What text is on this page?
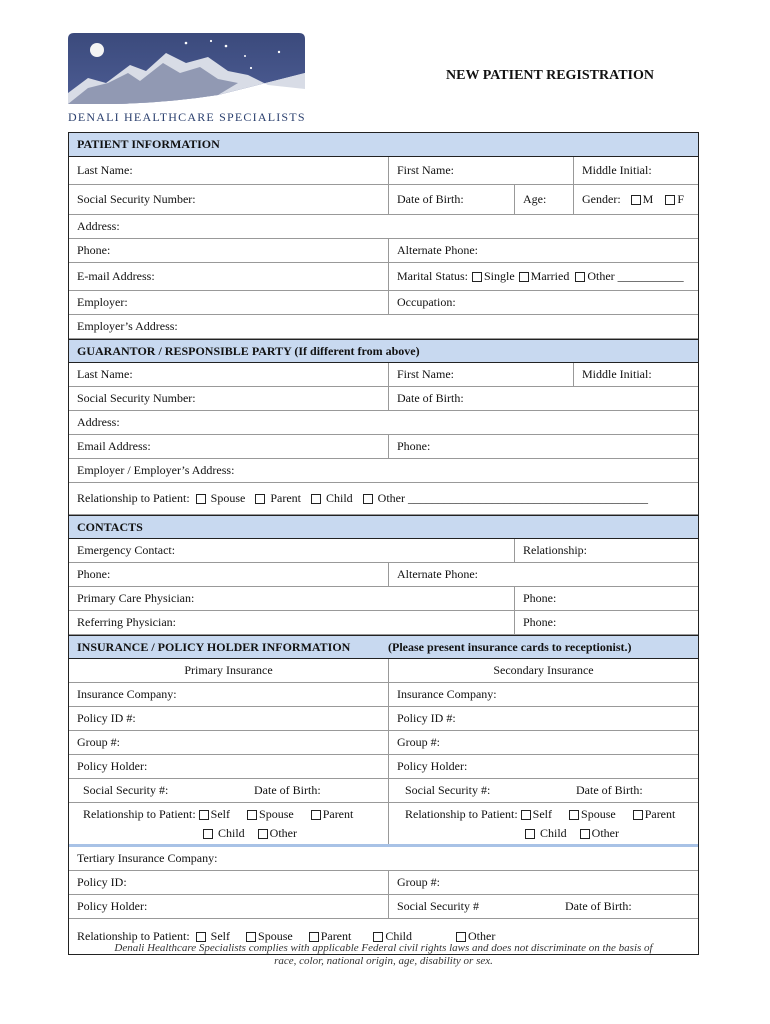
DENALI HEALTHCARE SPECIALISTS
NEW PATIENT REGISTRATION
PATIENT INFORMATION
Last Name:	First Name:	Middle Initial:
Social Security Number:	Date of Birth:	Age:	Gender:	M	F
Address:
Phone:	Alternate Phone:
E-mail Address:	Marital Status:	Single	Married	Other ___________
Employer:	Occupation:
Employer’s Address:
GUARANTOR / RESPONSIBLE PARTY (If different from above)
Last Name:	First Name:	Middle Initial:
Social Security Number:	Date of Birth:
Address:
Email Address:	Phone:
Employer / Employer’s Address:
Relationship to Patient:	Spouse	Parent	Child	Other ________________________________________
CONTACTS
Emergency Contact:	Relationship:
Phone:	Alternate Phone:
Primary Care Physician:	Phone:
Referring Physician:	Phone:
INSURANCE / POLICY HOLDER INFORMATION	(Please present insurance cards to receptionist.)
Primary Insurance	Secondary Insurance
Insurance Company:	Insurance Company:
Policy ID #:	Policy ID #:
Group #:	Group #:
Policy Holder:	Policy Holder:
Social Security #:	Date of Birth:	Social Security #:	Date of Birth:
Relationship to Patient: Self Spouse Parent
Child Other
Relationship to Patient: Self Spouse Parent
Child Other
Tertiary Insurance Company:
Policy ID:	Group #:
Policy Holder:	Social Security #	Date of Birth:
Relationship to Patient:	Self	Spouse	Parent	Child	Other
Denali Healthcare Specialists complies with applicable Federal civil rights laws and does not discriminate on the basis of
race, color, national origin, age, disability or sex.
